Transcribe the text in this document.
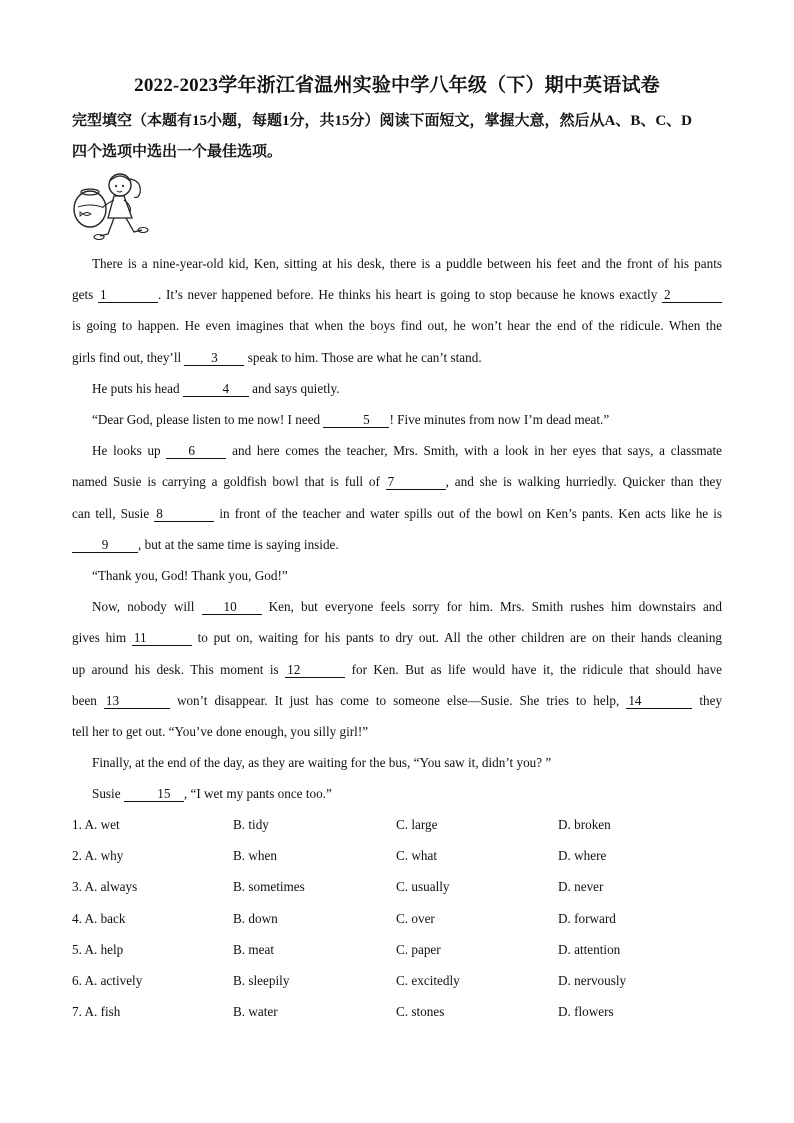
2022-2023学年浙江省温州实验中学八年级（下）期中英语试卷
完型填空（本题有15小题，每题1分，共15分）阅读下面短文，掌握大意，然后从A、B、C、D
四个选项中选出一个最佳选项。

There is a nine-year-old kid, Ken, sitting at his desk, there is a puddle between his feet and the front of his pants

gets 1	. It’s never happened before. He thinks his heart is going to stop because he knows exactly 2

is going to happen. He even imagines that when the boys find out, he won’t hear the end of the ridicule. When the

girls find out, they’ll 3 speak to him. Those are what he can’t stand.

He puts his head	4 and says quietly.

“Dear God, please listen to me now! I need	5 ! Five minutes from now I’m dead meat.”

He looks up 6	and here comes the teacher, Mrs. Smith, with a look in her eyes that says, a classmate

named Susie is carrying a goldfish bowl that is full of 7	, and she is walking hurriedly. Quicker than they

can tell, Susie 8	in front of the teacher and water spills out of the bowl on Ken’s pants. Ken acts like he is

9 , but at the same time is saying inside.

“Thank you, God! Thank you, God!”

Now, nobody will 10 Ken, but everyone feels sorry for him. Mrs. Smith rushes him downstairs and

gives him 11	to put on, waiting for his pants to dry out. All the other children are on their hands cleaning

up around his desk. This moment is 12	for Ken. But as life would have it, the ridicule that should have

been 13	won’t disappear. It just has come to someone else—Susie. She tries to help, 14	they

tell her to get out. “You’ve done enough, you silly girl!”

Finally, at the end of the day, as they are waiting for the bus, “You saw it, didn’t you? ”

Susie	15 , “I wet my pants once too.”

1. A. wet	B. tidy	C. large	D. broken
2. A. why	B. when	C. what	D. where
3. A. always	B. sometimes	C. usually	D. never
4. A. back	B. down	C. over	D. forward
5. A. help	B. meat	C. paper	D. attention
6. A. actively	B. sleepily	C. excitedly	D. nervously
7. A. fish	B. water	C. stones	D. flowers
